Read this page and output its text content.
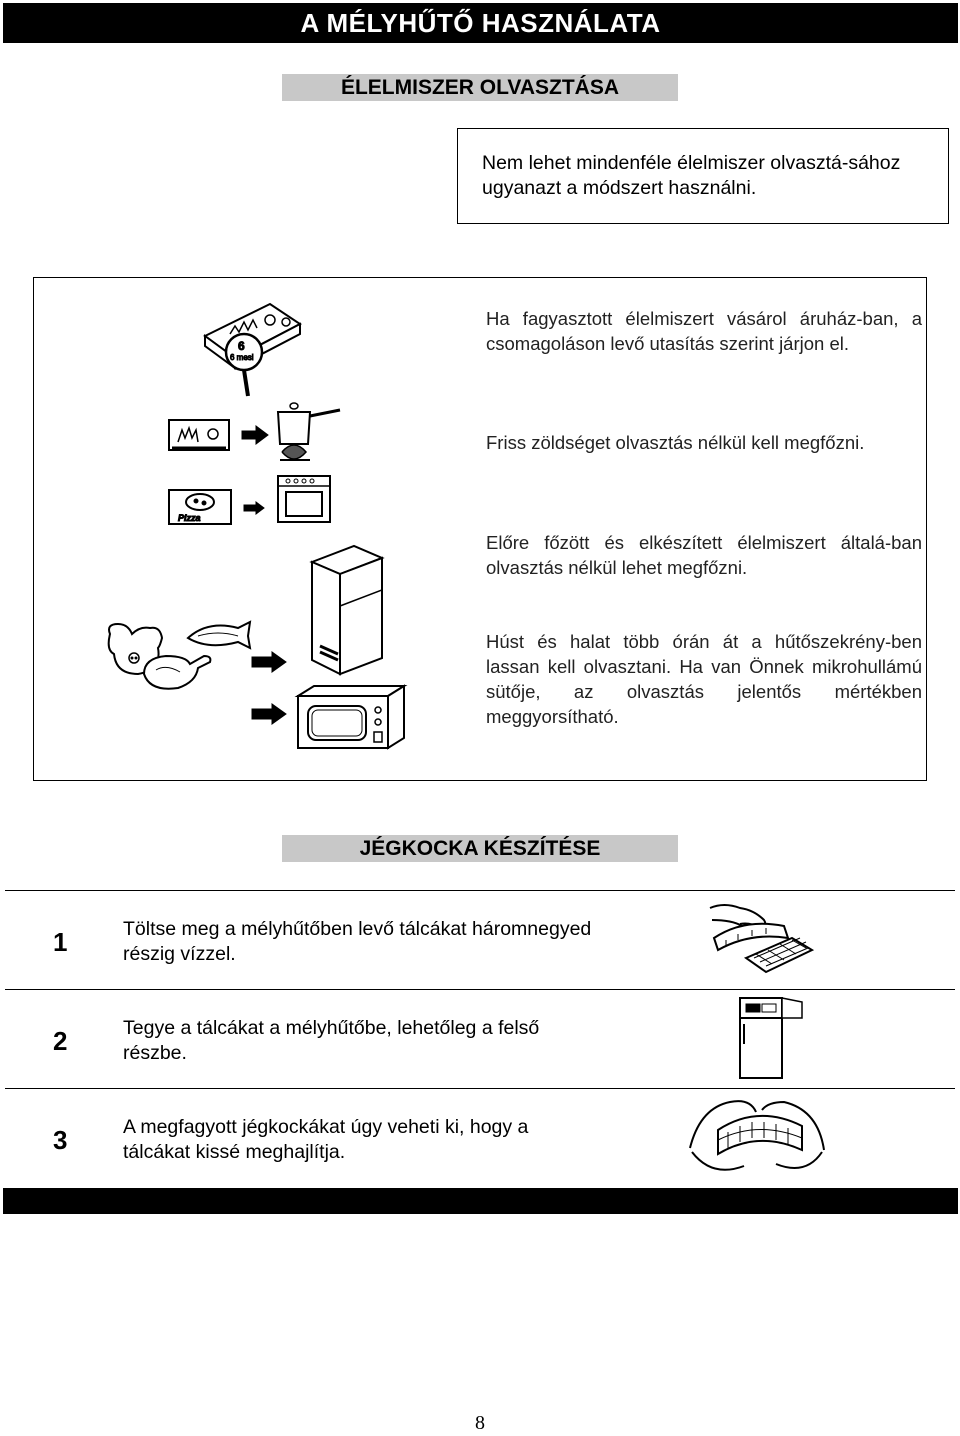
A MÉLYHŰTŐ HASZNÁLATA
ÉLELMISZER OLVASZTÁSA
Nem lehet mindenféle élelmiszer olvasztá-sához ugyanazt a módszert használni.
Ha fagyasztott élelmiszert vásárol áruház-ban, a csomagoláson levő utasítás szerint járjon el.
Friss zöldséget olvasztás nélkül kell megfőzni.
Előre főzött és elkészített élelmiszert általá-ban olvasztás nélkül lehet megfőzni.
Húst és halat több órán át a hűtőszekrény-ben lassan kell olvasztani. Ha van Önnek mikrohullámú sütője, az olvasztás jelentős mértékben meggyorsítható.
6
6 mesi
Pizza
JÉGKOCKA KÉSZÍTÉSE
1	Töltse meg a mélyhűtőben levő tálcákat háromnegyed részig vízzel.
2	Tegye a tálcákat a mélyhűtőbe, lehetőleg a felső részbe.
3	A megfagyott jégkockákat úgy veheti ki, hogy a tálcákat kissé meghajlítja.
8
